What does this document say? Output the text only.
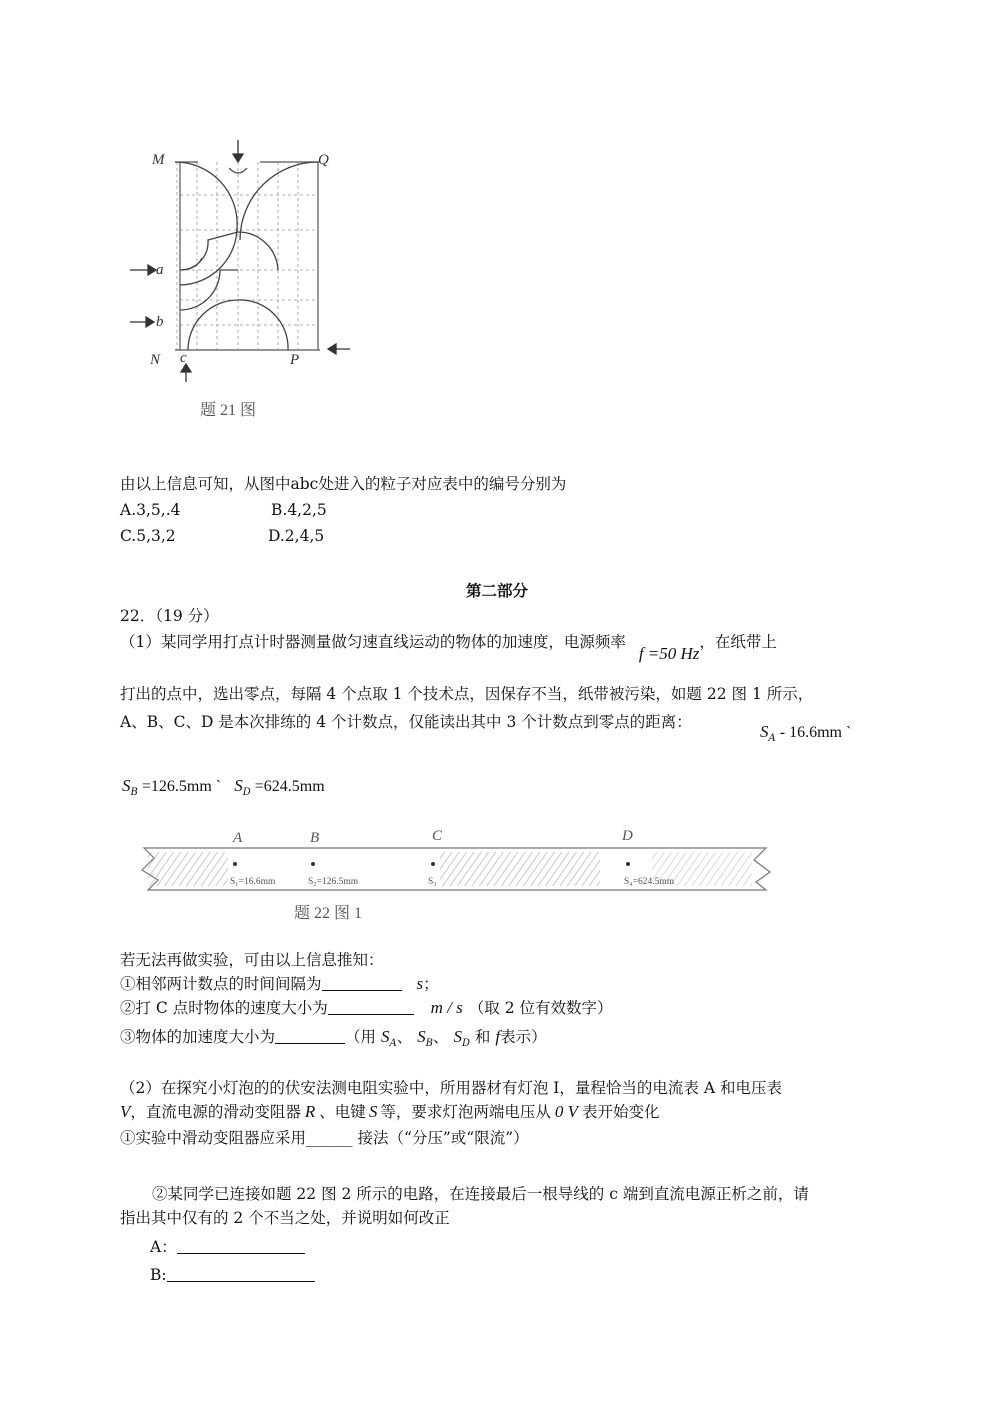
M	Q
a
b
N c	P
题 21 图
由以上信息可知，从图中abc处进入的粒子对应表中的编号分别为
A.3,5,.4	B.4,2,5
C.5,3,2	D.2,4,5
第二部分
22．（19 分）
（1）某同学用打点计时器测量做匀速直线运动的物体的加速度，电源频率 f =50 Hz，在纸带上
打出的点中，选出零点，每隔 4 个点取 1 个技术点，因保存不当，纸带被污染，如题 22 图 1 所示，
A、B、C、D 是本次排练的 4 个计数点，仅能读出其中 3 个计数点到零点的距离：	$S_A - 16.6mm$ ˋ
$S_B =126.5mm$ ˋ $S_D =624.5mm$
A	B	C	D
S₁=16.6mm	S₂=126.5mm	S₃	S₄=624.5mm
题 22 图 1
若无法再做实验，可由以上信息推知：
①相邻两计数点的时间间隔为	s；
②打 C 点时物体的速度大小为	m / s （取 2 位有效数字）
③物体的加速度大小为	（用 $S_A$、 $S_B$、 $S_D$ 和 f表示）
（2）在探究小灯泡的的伏安法测电阻实验中，所用器材有灯泡 I，量程恰当的电流表 A 和电压表
V，直流电源的滑动变阻器 R 、电键 S 等，要求灯泡两端电压从 0 V 表开始变化
①实验中滑动变阻器应采用______ 接法（“分压”或“限流”）
②某同学已连接如题 22 图 2 所示的电路，在连接最后一根导线的 c 端到直流电源正析之前，请
指出其中仅有的 2 个不当之处，并说明如何改正
A：
B:
